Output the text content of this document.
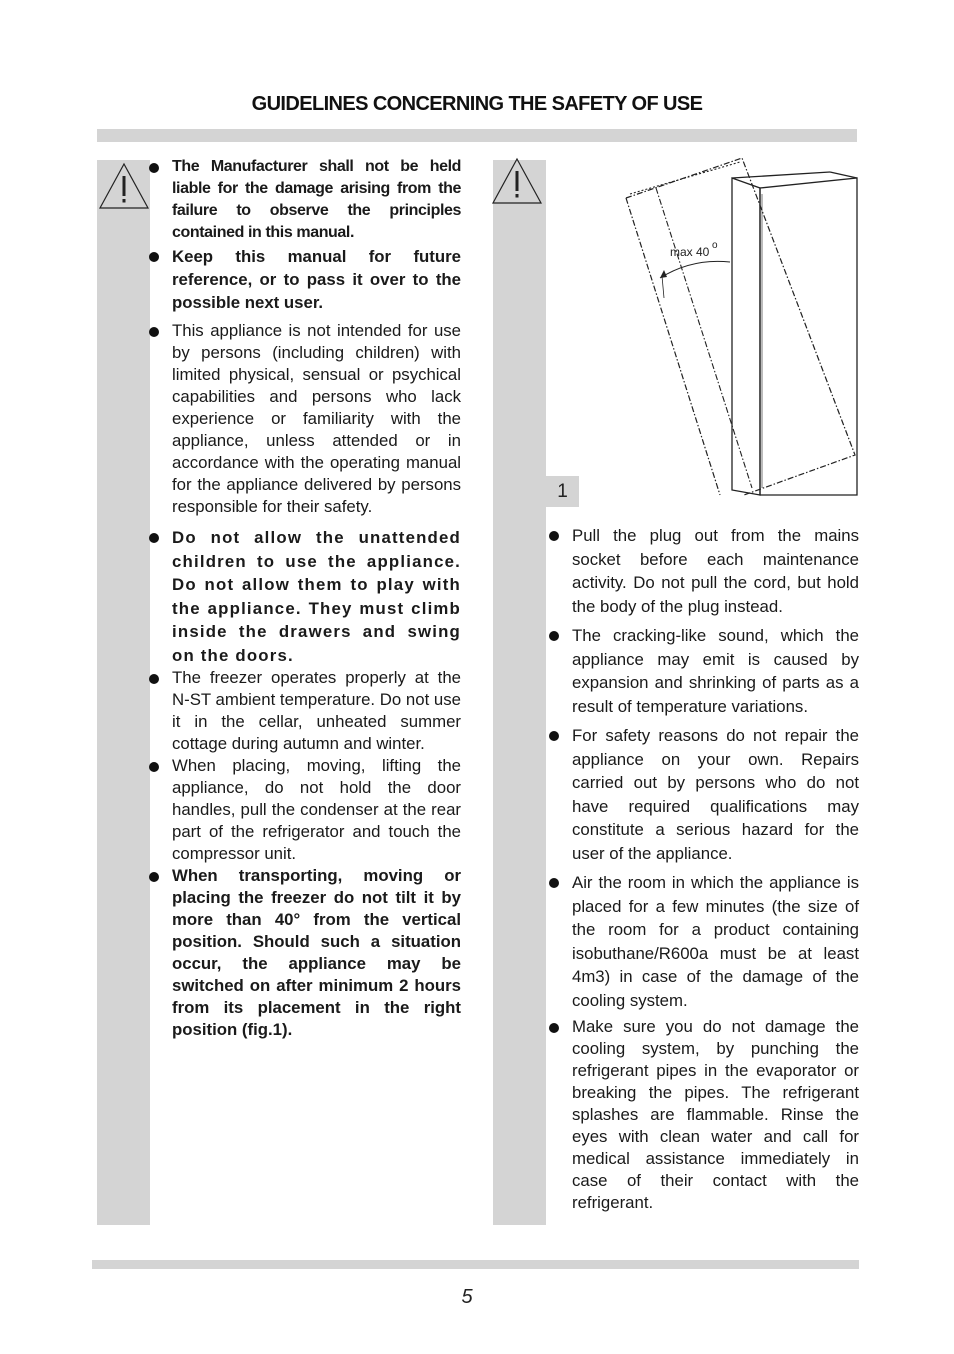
GUIDELINES CONCERNING THE SAFETY OF USE
The Manufacturer shall not be held liable for the damage arising from the failure to observe the principles contained in this manual.
Keep this manual for future reference, or to pass it over to the possible next user.
This appliance is not intended for use by persons (including children) with limited physical, sensual or psychical capabilities and persons who lack experience or familiarity with the appliance, unless attended or in accordance with the operating manual for the appliance delivered by persons responsible for their safety.
Do not allow the unattended children to use the appliance. Do not allow them to play with the appliance. They must climb inside the drawers and swing on the doors.
The freezer operates properly at the N-ST ambient temperature. Do not use it in the cellar, unheated summer cottage during autumn and winter.
When placing, moving, lifting the appliance, do not hold the door handles, pull the condenser at the rear part of the refrigerator and touch the compressor unit.
When transporting, moving or placing the freezer do not tilt it by more than 40° from the vertical position. Should such a situation occur, the appliance may be switched on after minimum 2 hours from its placement in the right position (fig.1).
max 40 o
1
Pull the plug out from the mains socket before each maintenance activity. Do not pull the cord, but hold the body of the plug instead.
The cracking-like sound, which the appliance may emit is caused by expansion and shrinking of parts as a result of temperature variations.
For safety reasons do not repair the appliance on your own. Repairs carried out by persons who do not have required qualifications may constitute a serious hazard for the user of the appliance.
Air the room in which the appliance is placed for a few minutes (the size of the room for a product containing isobuthane/R600a must be at least 4m3) in case of the damage of the cooling system.
Make sure you do not damage the cooling system, by punching the refrigerant pipes in the evaporator or breaking the pipes. The refrigerant splashes are flammable. Rinse the eyes with clean water and call for medical assistance immediately in case of their contact with the refrigerant.
5
